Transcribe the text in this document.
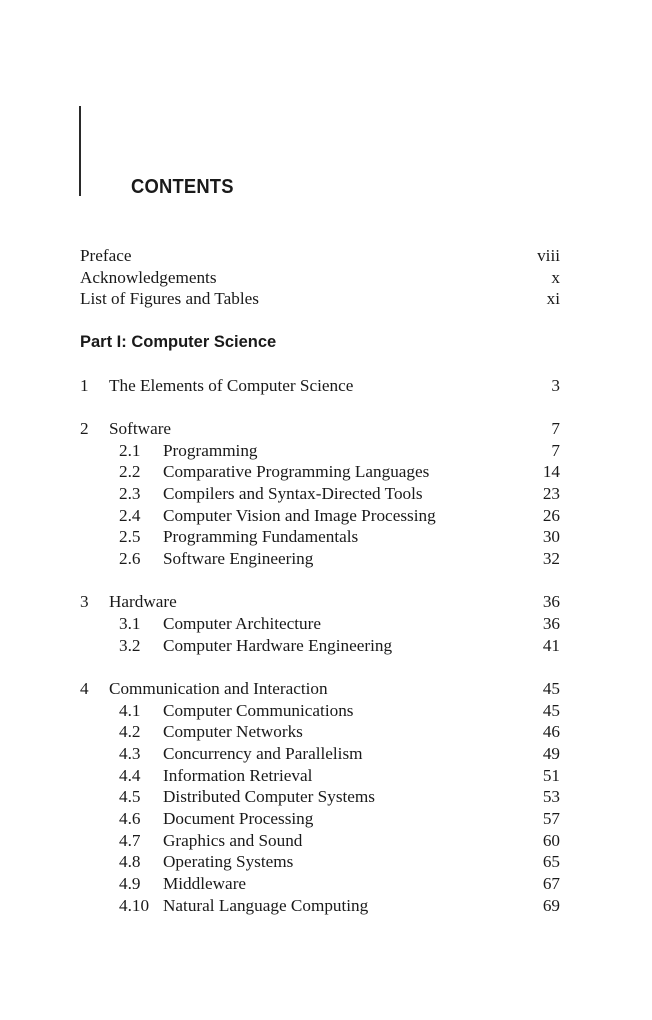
CONTENTS
Preface	viii
Acknowledgements	x
List of Figures and Tables	xi
Part I: Computer Science
1 The Elements of Computer Science	3
2 Software	7
2.1 Programming	7
2.2 Comparative Programming Languages	14
2.3 Compilers and Syntax-Directed Tools	23
2.4 Computer Vision and Image Processing	26
2.5 Programming Fundamentals	30
2.6 Software Engineering	32
3 Hardware	36
3.1 Computer Architecture	36
3.2 Computer Hardware Engineering	41
4 Communication and Interaction	45
4.1 Computer Communications	45
4.2 Computer Networks	46
4.3 Concurrency and Parallelism	49
4.4 Information Retrieval	51
4.5 Distributed Computer Systems	53
4.6 Document Processing	57
4.7 Graphics and Sound	60
4.8 Operating Systems	65
4.9 Middleware	67
4.10 Natural Language Computing	69
